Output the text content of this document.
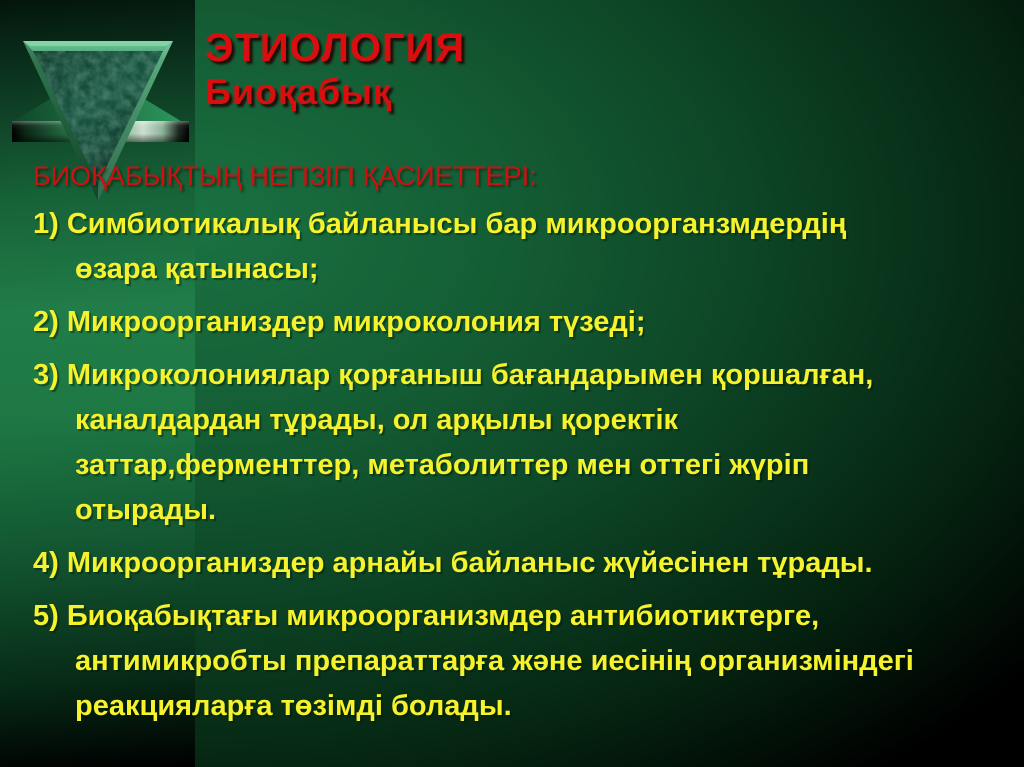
ЭТИОЛОГИЯ
Биоқабық
БИОҚАБЫҚТЫҢ НЕГІЗІГІ ҚАСИЕТТЕРІ:
1) Симбиотикалық байланысы бар микроорганзмдердің
өзара қатынасы;
2) Микроорганиздер микроколония түзеді;
3) Микроколониялар қорғаныш бағандарымен қоршалған,
каналдардан тұрады, ол арқылы қоректік
заттар,ферменттер, метаболиттер мен оттегі жүріп
отырады.
4) Микроорганиздер арнайы байланыс жүйесінен тұрады.
5) Биоқабықтағы микроорганизмдер антибиотиктерге,
антимикробты препараттарға және иесінің организміндегі
реакцияларға төзімді болады.
